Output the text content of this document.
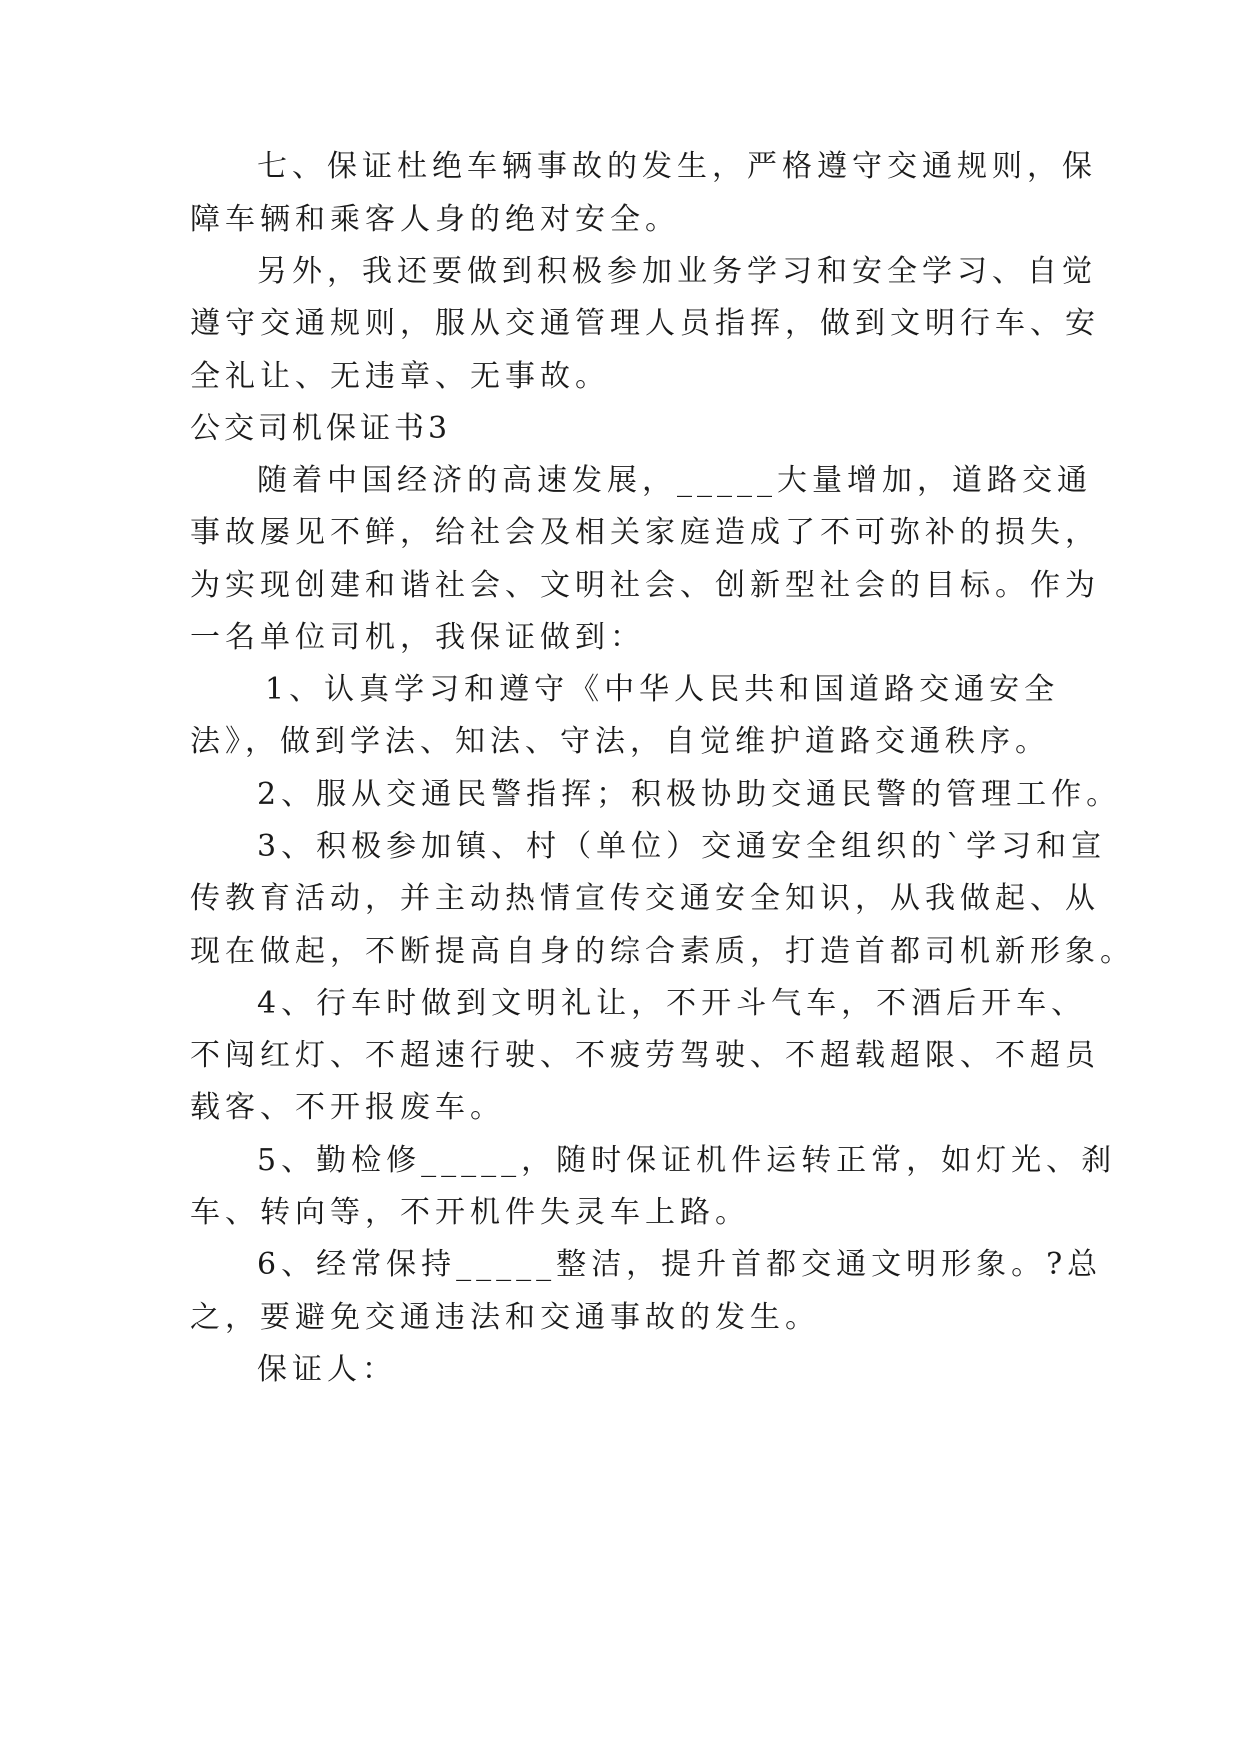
七、保证杜绝车辆事故的发生，严格遵守交通规则，保
障车辆和乘客人身的绝对安全。
另外，我还要做到积极参加业务学习和安全学习、自觉
遵守交通规则，服从交通管理人员指挥，做到文明行车、安
全礼让、无违章、无事故。
公交司机保证书3
随着中国经济的高速发展，_____大量增加，道路交通
事故屡见不鲜，给社会及相关家庭造成了不可弥补的损失，
为实现创建和谐社会、文明社会、创新型社会的目标。作为
一名单位司机，我保证做到：
1、认真学习和遵守《中华人民共和国道路交通安全
法》，做到学法、知法、守法，自觉维护道路交通秩序。
2、服从交通民警指挥；积极协助交通民警的管理工作。
3、积极参加镇、村（单位）交通安全组织的`学习和宣
传教育活动，并主动热情宣传交通安全知识，从我做起、从
现在做起，不断提高自身的综合素质，打造首都司机新形象。
4、行车时做到文明礼让，不开斗气车，不酒后开车、
不闯红灯、不超速行驶、不疲劳驾驶、不超载超限、不超员
载客、不开报废车。
5、勤检修_____，随时保证机件运转正常，如灯光、刹
车、转向等，不开机件失灵车上路。
6、经常保持_____整洁，提升首都交通文明形象。?总
之，要避免交通违法和交通事故的发生。
保证人：
